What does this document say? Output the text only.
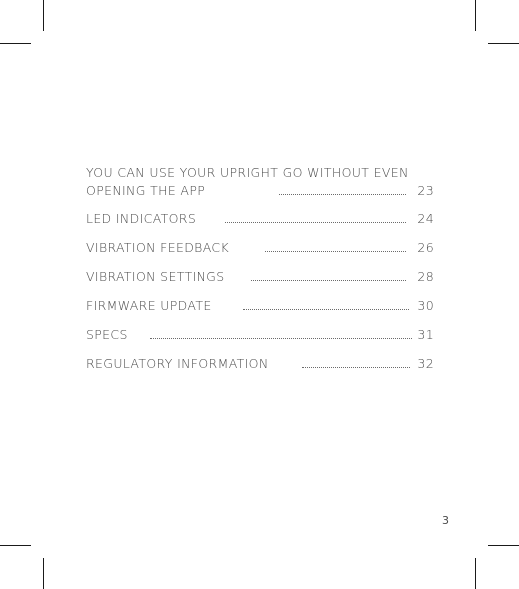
YOU CAN USE YOUR UPRIGHT GO WITHOUT EVEN
OPENING THE APP	23
LED INDICATORS	24
VIBRATION FEEDBACK	26
VIBRATION SETTINGS	28
FIRMWARE UPDATE	30
SPECS	31
REGULATORY INFORMATION	32
3
